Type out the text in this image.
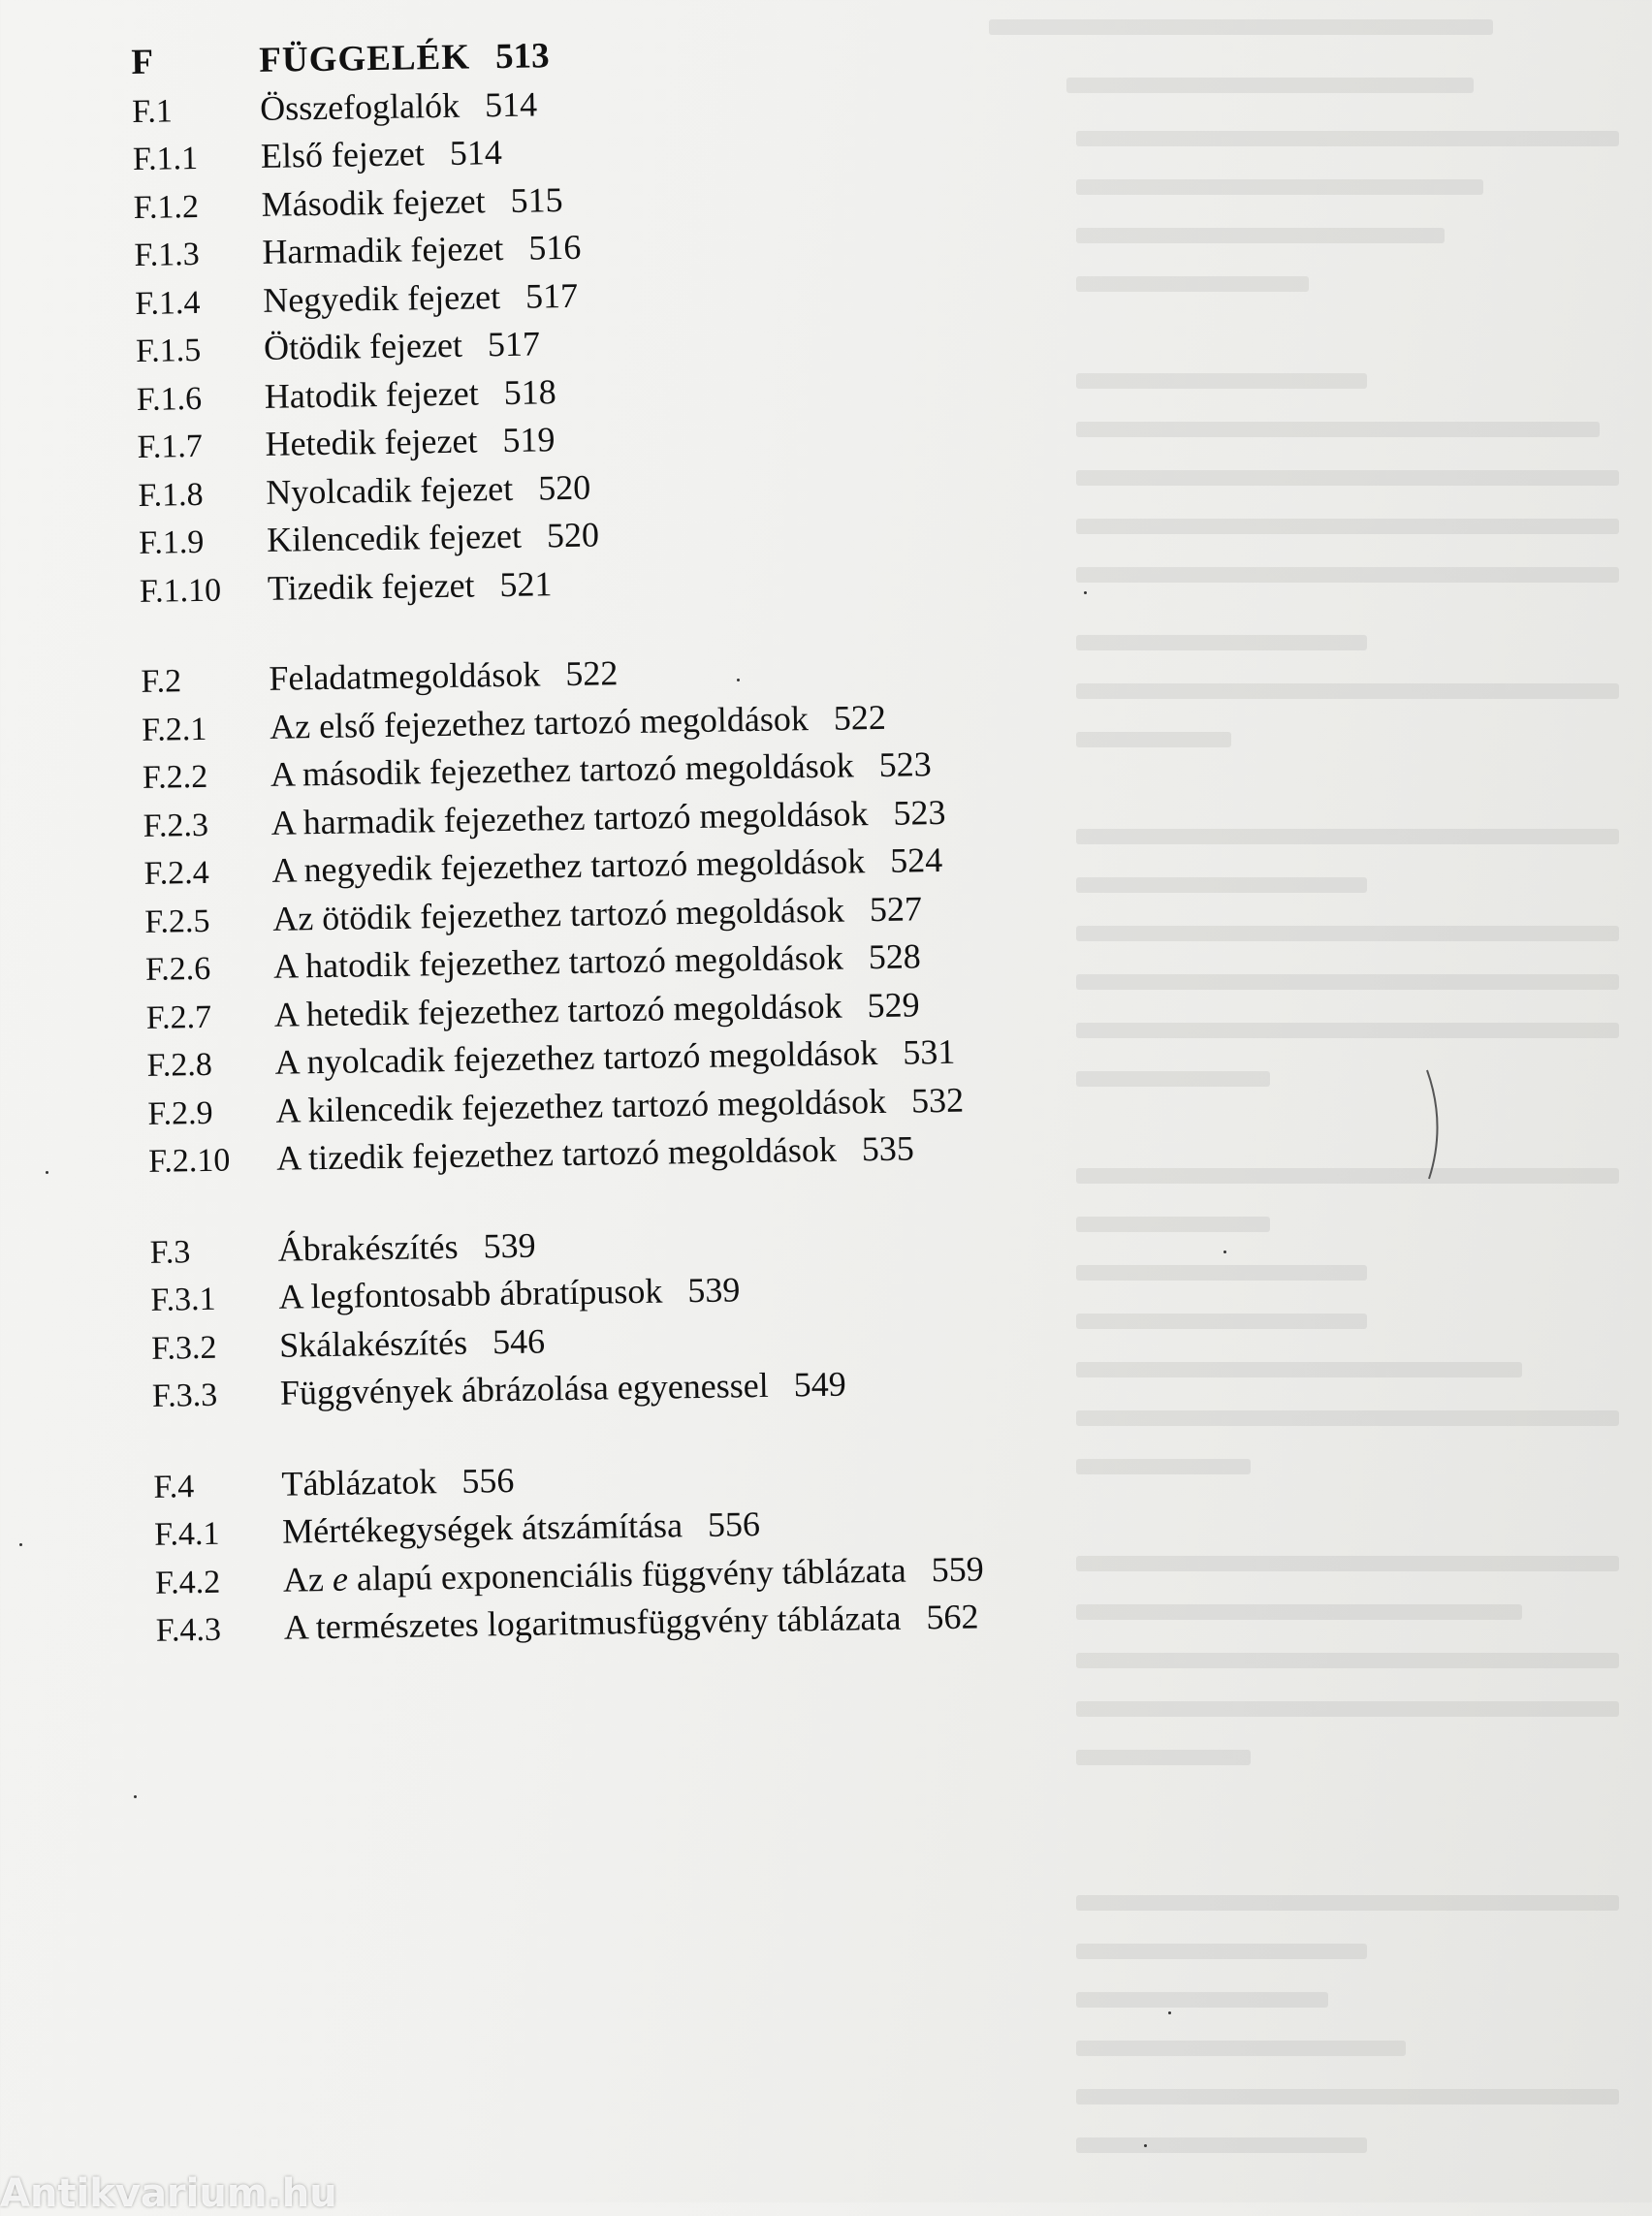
F	FÜGGELÉK 513
F.1	Összefoglalók 514
F.1.1	Első fejezet 514
F.1.2	Második fejezet 515
F.1.3	Harmadik fejezet 516
F.1.4	Negyedik fejezet 517
F.1.5	Ötödik fejezet 517
F.1.6	Hatodik fejezet 518
F.1.7	Hetedik fejezet 519
F.1.8	Nyolcadik fejezet 520
F.1.9	Kilencedik fejezet 520
F.1.10	Tizedik fejezet 521
F.2	Feladatmegoldások 522
F.2.1	Az első fejezethez tartozó megoldások 522
F.2.2	A második fejezethez tartozó megoldások 523
F.2.3	A harmadik fejezethez tartozó megoldások 523
F.2.4	A negyedik fejezethez tartozó megoldások 524
F.2.5	Az ötödik fejezethez tartozó megoldások 527
F.2.6	A hatodik fejezethez tartozó megoldások 528
F.2.7	A hetedik fejezethez tartozó megoldások 529
F.2.8	A nyolcadik fejezethez tartozó megoldások 531
F.2.9	A kilencedik fejezethez tartozó megoldások 532
F.2.10	A tizedik fejezethez tartozó megoldások 535
F.3	Ábrakészítés 539
F.3.1	A legfontosabb ábratípusok 539
F.3.2	Skálakészítés 546
F.3.3	Függvények ábrázolása egyenessel 549
F.4	Táblázatok 556
F.4.1	Mértékegységek átszámítása 556
F.4.2	Az e alapú exponenciális függvény táblázata 559
F.4.3	A természetes logaritmusfüggvény táblázata 562
Antikvarium.hu
